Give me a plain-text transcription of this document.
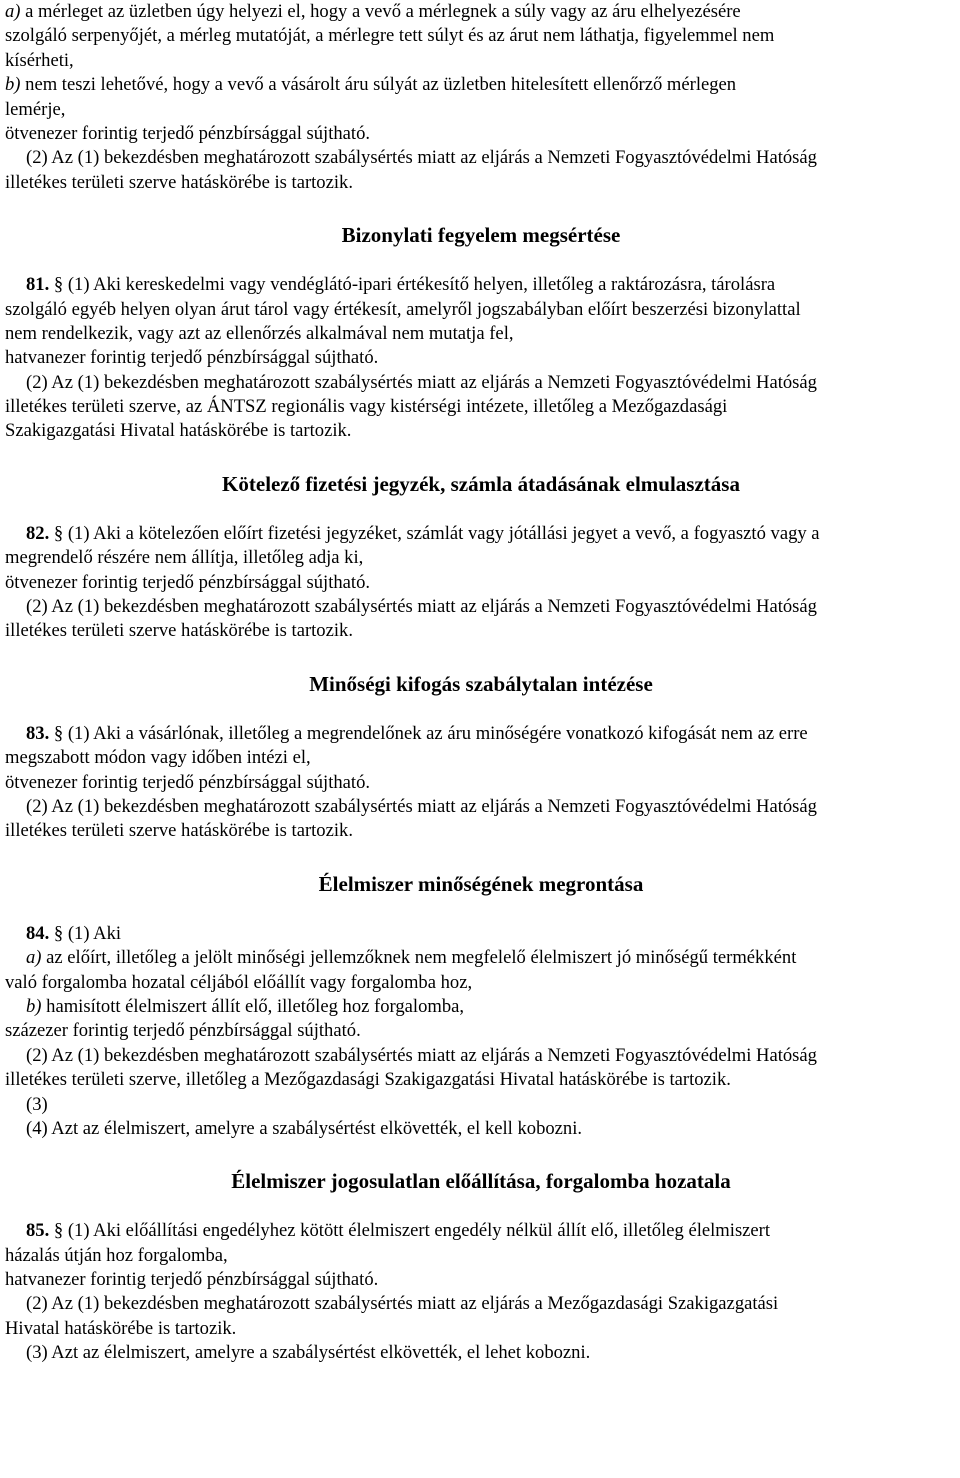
a) a mérleget az üzletben úgy helyezi el, hogy a vevő a mérlegnek a súly vagy az áru elhelyezésére
szolgáló serpenyőjét, a mérleg mutatóját, a mérlegre tett súlyt és az árut nem láthatja, figyelemmel nem
kísérheti,
b) nem teszi lehetővé, hogy a vevő a vásárolt áru súlyát az üzletben hitelesített ellenőrző mérlegen
lemérje,
ötvenezer forintig terjedő pénzbírsággal sújtható.
(2) Az (1) bekezdésben meghatározott szabálysértés miatt az eljárás a Nemzeti Fogyasztóvédelmi Hatóság
illetékes területi szerve hatáskörébe is tartozik.
Bizonylati fegyelem megsértése
81. § (1) Aki kereskedelmi vagy vendéglátó-ipari értékesítő helyen, illetőleg a raktározásra, tárolásra
szolgáló egyéb helyen olyan árut tárol vagy értékesít, amelyről jogszabályban előírt beszerzési bizonylattal
nem rendelkezik, vagy azt az ellenőrzés alkalmával nem mutatja fel,
hatvanezer forintig terjedő pénzbírsággal sújtható.
(2) Az (1) bekezdésben meghatározott szabálysértés miatt az eljárás a Nemzeti Fogyasztóvédelmi Hatóság
illetékes területi szerve, az ÁNTSZ regionális vagy kistérségi intézete, illetőleg a Mezőgazdasági
Szakigazgatási Hivatal hatáskörébe is tartozik.
Kötelező fizetési jegyzék, számla átadásának elmulasztása
82. § (1) Aki a kötelezően előírt fizetési jegyzéket, számlát vagy jótállási jegyet a vevő, a fogyasztó vagy a
megrendelő részére nem állítja, illetőleg adja ki,
ötvenezer forintig terjedő pénzbírsággal sújtható.
(2) Az (1) bekezdésben meghatározott szabálysértés miatt az eljárás a Nemzeti Fogyasztóvédelmi Hatóság
illetékes területi szerve hatáskörébe is tartozik.
Minőségi kifogás szabálytalan intézése
83. § (1) Aki a vásárlónak, illetőleg a megrendelőnek az áru minőségére vonatkozó kifogását nem az erre
megszabott módon vagy időben intézi el,
ötvenezer forintig terjedő pénzbírsággal sújtható.
(2) Az (1) bekezdésben meghatározott szabálysértés miatt az eljárás a Nemzeti Fogyasztóvédelmi Hatóság
illetékes területi szerve hatáskörébe is tartozik.
Élelmiszer minőségének megrontása
84. § (1) Aki
a) az előírt, illetőleg a jelölt minőségi jellemzőknek nem megfelelő élelmiszert jó minőségű termékként
való forgalomba hozatal céljából előállít vagy forgalomba hoz,
b) hamisított élelmiszert állít elő, illetőleg hoz forgalomba,
százezer forintig terjedő pénzbírsággal sújtható.
(2) Az (1) bekezdésben meghatározott szabálysértés miatt az eljárás a Nemzeti Fogyasztóvédelmi Hatóság
illetékes területi szerve, illetőleg a Mezőgazdasági Szakigazgatási Hivatal hatáskörébe is tartozik.
(3)
(4) Azt az élelmiszert, amelyre a szabálysértést elkövették, el kell kobozni.
Élelmiszer jogosulatlan előállítása, forgalomba hozatala
85. § (1) Aki előállítási engedélyhez kötött élelmiszert engedély nélkül állít elő, illetőleg élelmiszert
házalás útján hoz forgalomba,
hatvanezer forintig terjedő pénzbírsággal sújtható.
(2) Az (1) bekezdésben meghatározott szabálysértés miatt az eljárás a Mezőgazdasági Szakigazgatási
Hivatal hatáskörébe is tartozik.
(3) Azt az élelmiszert, amelyre a szabálysértést elkövették, el lehet kobozni.
